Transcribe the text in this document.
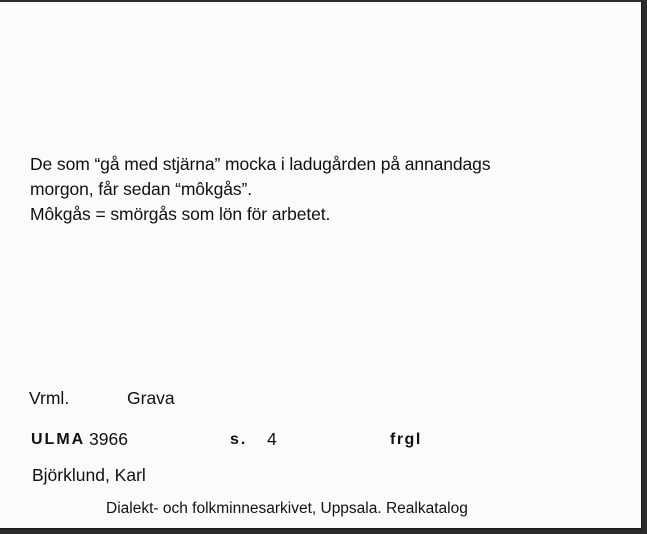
De som “gå med stjärna” mocka i ladugården på annandags
morgon, får sedan “môkgås”.
Môkgås = smörgås som lön för arbetet.
Vrml.	Grava
ULMA 3966	s. 4	frgl
Björklund, Karl
Dialekt- och folkminnesarkivet, Uppsala. Realkatalog
